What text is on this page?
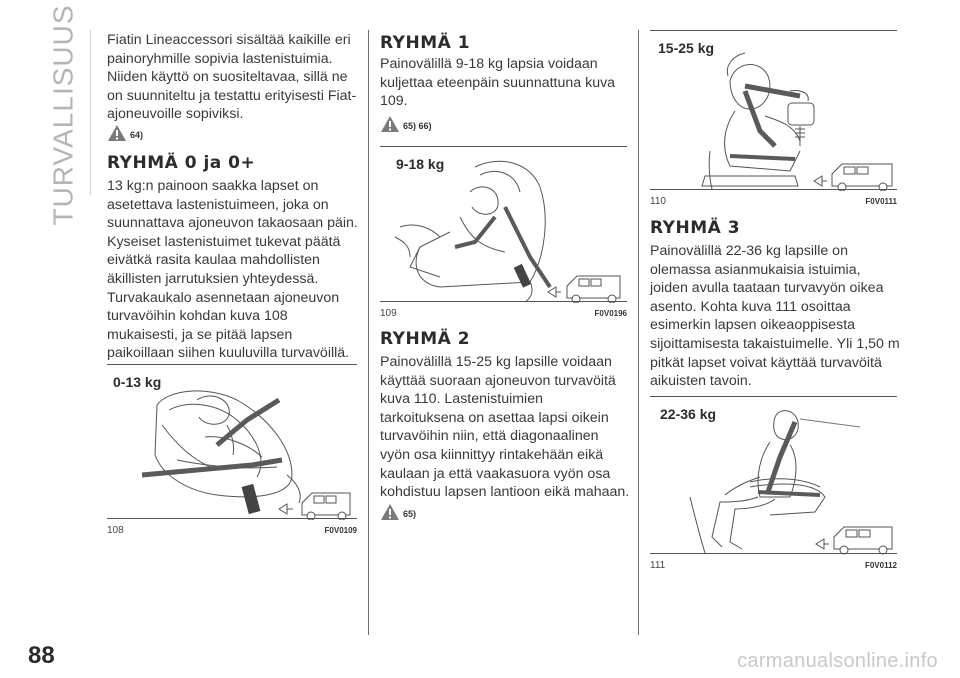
TURVALLISUUS
88
Fiatin Lineaccessori sisältää kaikille eri painoryhmille sopivia lastenistuimia. Niiden käyttö on suositeltavaa, sillä ne on suunniteltu ja testattu erityisesti Fiat-ajoneuvoille sopiviksi.
64)
RYHMÄ 0 ja 0+
13 kg:n painoon saakka lapset on asetettava lastenistuimeen, joka on suunnattava ajoneuvon takaosaan päin. Kyseiset lastenistuimet tukevat päätä eivätkä rasita kaulaa mahdollisten äkillisten jarrutuksien yhteydessä. Turvakaukalo asennetaan ajoneuvon turvavöihin kohdan kuva 108 mukaisesti, ja se pitää lapsen paikoillaan siihen kuuluvilla turvavöillä.
0-13 kg
108	F0V0109
RYHMÄ 1
Painovälillä 9-18 kg lapsia voidaan kuljettaa eteenpäin suunnattuna kuva 109.
65) 66)
9-18 kg
109	F0V0196
RYHMÄ 2
Painovälillä 15-25 kg lapsille voidaan käyttää suoraan ajoneuvon turvavöitä kuva 110. Lastenistuimien tarkoituksena on asettaa lapsi oikein turvavöihin niin, että diagonaalinen vyön osa kiinnittyy rintakehään eikä kaulaan ja että vaakasuora vyön osa kohdistuu lapsen lantioon eikä mahaan.
65)
15-25 kg
110	F0V0111
RYHMÄ 3
Painovälillä 22-36 kg lapsille on olemassa asianmukaisia istuimia, joiden avulla taataan turvavyön oikea asento. Kohta kuva 111 osoittaa esimerkin lapsen oikeaoppisesta sijoittamisesta takaistuimelle. Yli 1,50 m pitkät lapset voivat käyttää turvavöitä aikuisten tavoin.
22-36 kg
111	F0V0112
carmanualsonline.info
